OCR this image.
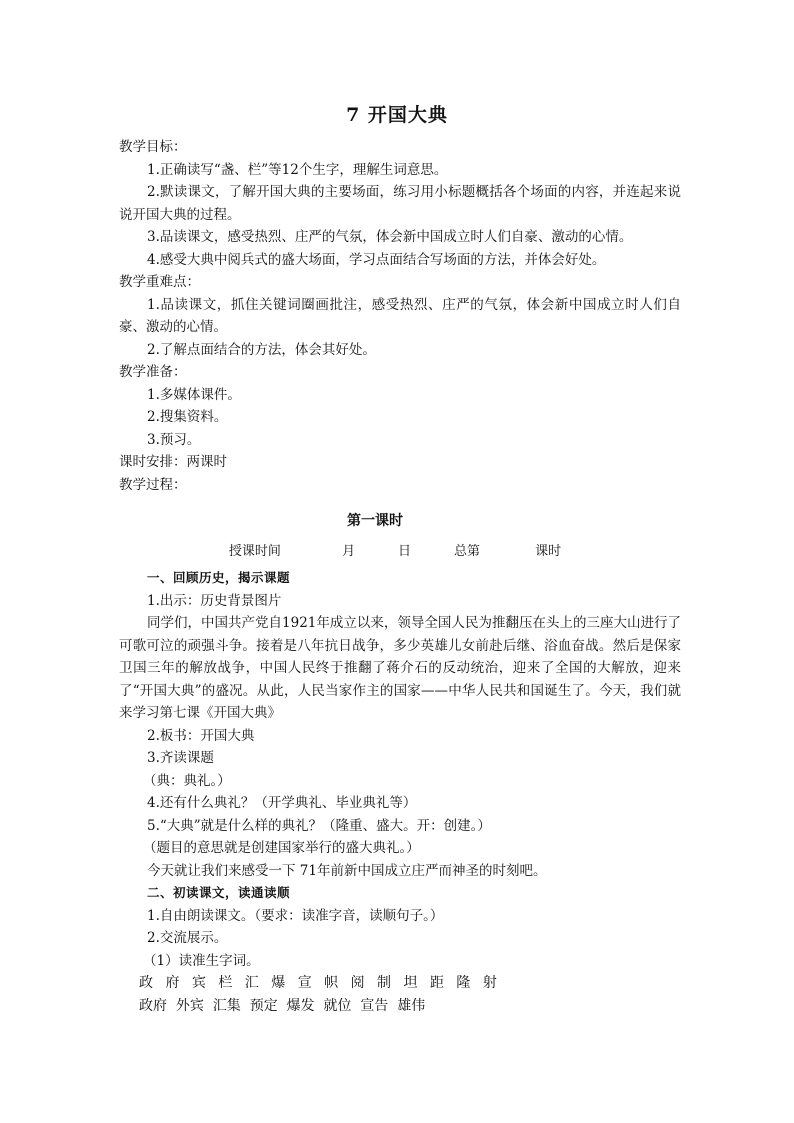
7 开国大典
教学目标：
1.正确读写“盏、栏”等12个生字，理解生词意思。
2.默读课文，了解开国大典的主要场面，练习用小标题概括各个场面的内容，并连起来说说开国大典的过程。
3.品读课文，感受热烈、庄严的气氛，体会新中国成立时人们自豪、激动的心情。
4.感受大典中阅兵式的盛大场面，学习点面结合写场面的方法，并体会好处。
教学重难点：
1.品读课文，抓住关键词圈画批注，感受热烈、庄严的气氛，体会新中国成立时人们自豪、激动的心情。
2.了解点面结合的方法，体会其好处。
教学准备：
1.多媒体课件。
2.搜集资料。
3.预习。
课时安排：两课时
教学过程：
第一课时
授课时间          月       日       总第         课时
一、回顾历史，揭示课题
1.出示：历史背景图片
同学们，中国共产党自1921年成立以来，领导全国人民为推翻压在头上的三座大山进行了可歌可泣的顽强斗争。接着是八年抗日战争，多少英雄儿女前赴后继、浴血奋战。然后是保家卫国三年的解放战争，中国人民终于推翻了蒋介石的反动统治，迎来了全国的大解放，迎来了“开国大典”的盛况。从此，人民当家作主的国家——中华人民共和国诞生了。今天，我们就来学习第七课《开国大典》
2.板书：开国大典
3.齐读课题
（典：典礼。）
4.还有什么典礼？（开学典礼、毕业典礼等）
5.“大典”就是什么样的典礼？（隆重、盛大。开：创建。）
（题目的意思就是创建国家举行的盛大典礼。）
今天就让我们来感受一下 71年前新中国成立庄严而神圣的时刻吧。
二、初读课文，读通读顺
1.自由朗读课文。（要求：读准字音，读顺句子。）
2.交流展示。
（1）读准生字词。
政 府 宾 栏 汇 爆 宣 帜 阅 制 坦 距 隆 射
政府  外宾  汇集  预定  爆发  就位  宣告  雄伟
